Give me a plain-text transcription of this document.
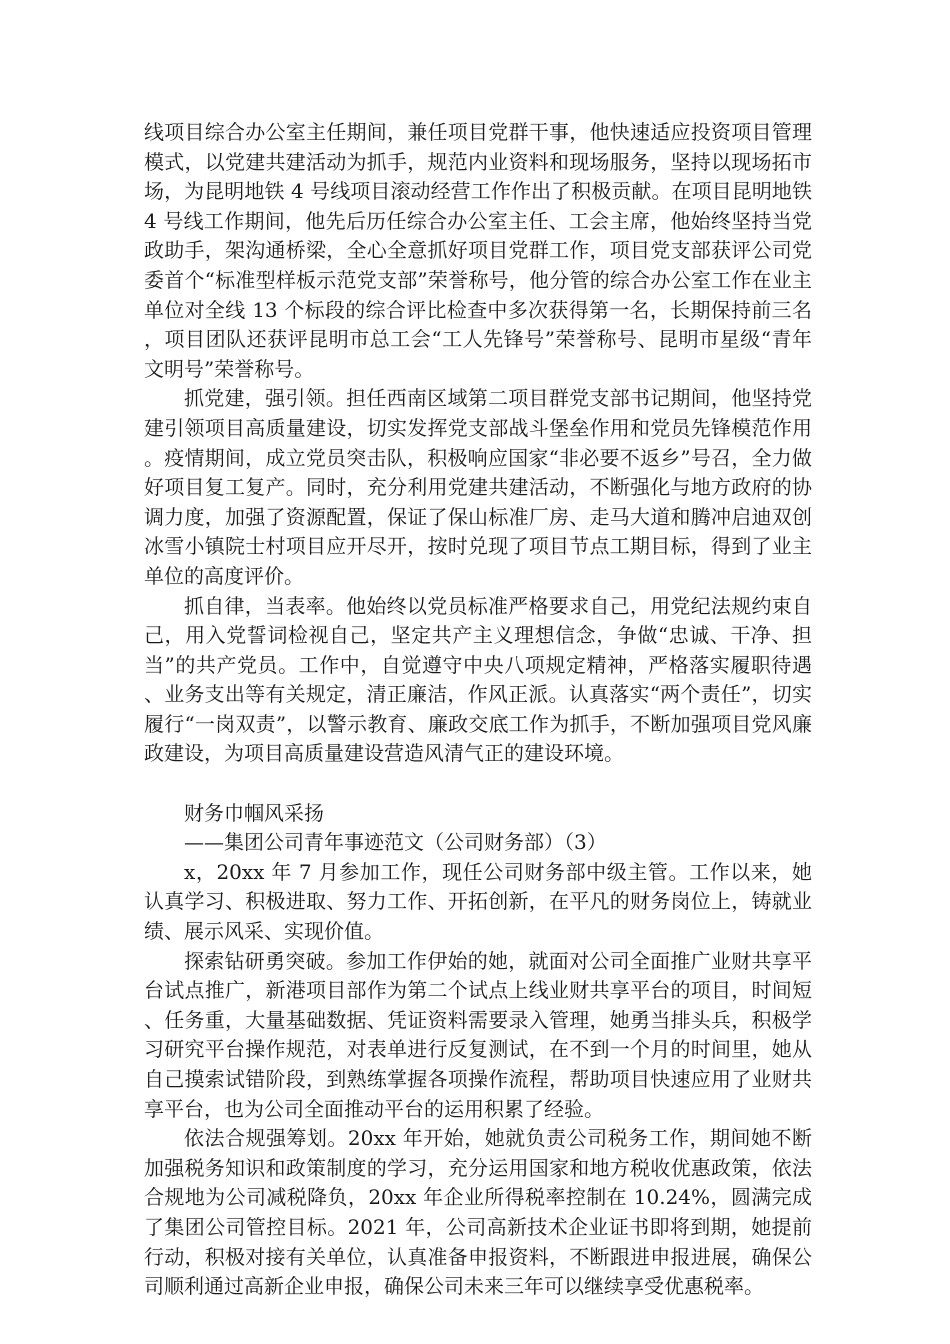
线项目综合办公室主任期间，兼任项目党群干事，他快速适应投资项目管理模式，以党建共建活动为抓手，规范内业资料和现场服务，坚持以现场拓市场，为昆明地铁 4 号线项目滚动经营工作作出了积极贡献。在项目昆明地铁 4 号线工作期间，他先后历任综合办公室主任、工会主席，他始终坚持当党政助手，架沟通桥梁，全心全意抓好项目党群工作，项目党支部获评公司党委首个“标准型样板示范党支部”荣誉称号，他分管的综合办公室工作在业主单位对全线 13 个标段的综合评比检查中多次获得第一名，长期保持前三名，项目团队还获评昆明市总工会“工人先锋号”荣誉称号、昆明市星级“青年文明号”荣誉称号。

抓党建，强引领。担任西南区域第二项目群党支部书记期间，他坚持党建引领项目高质量建设，切实发挥党支部战斗堡垒作用和党员先锋模范作用。疫情期间，成立党员突击队，积极响应国家“非必要不返乡”号召，全力做好项目复工复产。同时，充分利用党建共建活动，不断强化与地方政府的协调力度，加强了资源配置，保证了保山标准厂房、走马大道和腾冲启迪双创冰雪小镇院士村项目应开尽开，按时兑现了项目节点工期目标，得到了业主单位的高度评价。

抓自律，当表率。他始终以党员标准严格要求自己，用党纪法规约束自己，用入党誓词检视自己，坚定共产主义理想信念，争做“忠诚、干净、担当”的共产党员。工作中，自觉遵守中央八项规定精神，严格落实履职待遇、业务支出等有关规定，清正廉洁，作风正派。认真落实“两个责任”，切实履行“一岗双责”，以警示教育、廉政交底工作为抓手，不断加强项目党风廉政建设，为项目高质量建设营造风清气正的建设环境。

财务巾帼风采扬

——集团公司青年事迹范文（公司财务部）（3）

x，20xx 年 7 月参加工作，现任公司财务部中级主管。工作以来，她认真学习、积极进取、努力工作、开拓创新，在平凡的财务岗位上，铸就业绩、展示风采、实现价值。

探索钻研勇突破。参加工作伊始的她，就面对公司全面推广业财共享平台试点推广，新港项目部作为第二个试点上线业财共享平台的项目，时间短、任务重，大量基础数据、凭证资料需要录入管理，她勇当排头兵，积极学习研究平台操作规范，对表单进行反复测试，在不到一个月的时间里，她从自己摸索试错阶段，到熟练掌握各项操作流程，帮助项目快速应用了业财共享平台，也为公司全面推动平台的运用积累了经验。

依法合规强筹划。20xx 年开始，她就负责公司税务工作，期间她不断加强税务知识和政策制度的学习，充分运用国家和地方税收优惠政策，依法合规地为公司减税降负，20xx 年企业所得税率控制在 10.24%，圆满完成了集团公司管控目标。2021 年，公司高新技术企业证书即将到期，她提前行动，积极对接有关单位，认真准备申报资料，不断跟进申报进展，确保公司顺利通过高新企业申报，确保公司未来三年可以继续享受优惠税率。
